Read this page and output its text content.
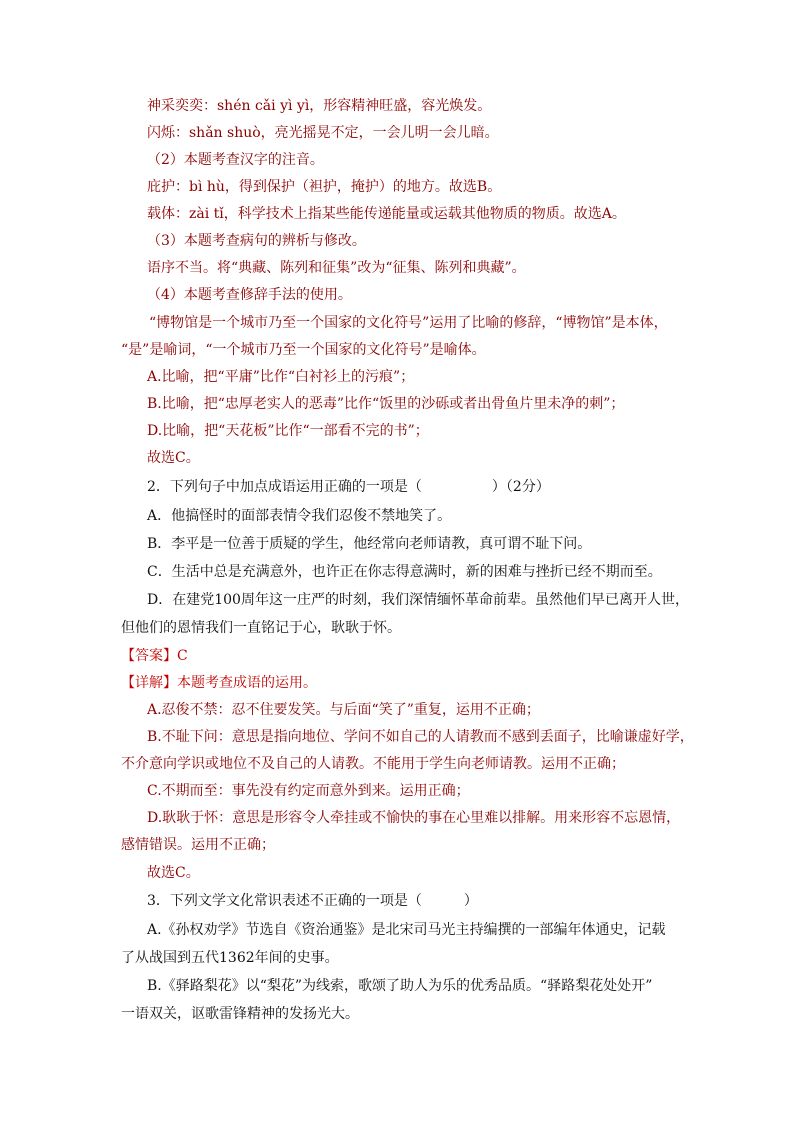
神采奕奕：shén cǎi yì yì，形容精神旺盛，容光焕发。
闪烁：shǎn shuò，亮光摇晃不定，一会儿明一会儿暗。
（2）本题考查汉字的注音。
庇护：bì hù，得到保护（袒护，掩护）的地方。故选B。
载体：zài tǐ，科学技术上指某些能传递能量或运载其他物质的物质。故选A。
（3）本题考查病句的辨析与修改。
语序不当。将“典藏、陈列和征集”改为“征集、陈列和典藏”。
（4）本题考查修辞手法的使用。
“博物馆是一个城市乃至一个国家的文化符号”运用了比喻的修辞，“博物馆”是本体，
“是”是喻词，“一个城市乃至一个国家的文化符号”是喻体。
A.比喻，把“平庸”比作“白衬衫上的污痕”；
B.比喻，把“忠厚老实人的恶毒”比作“饭里的沙砾或者出骨鱼片里未净的刺”；
D.比喻，把“天花板”比作“一部看不完的书”；
故选C。
2．下列句子中加点成语运用正确的一项是（　　　　　）（2分）
A．他搞怪时的面部表情令我们忍俊不禁地笑了。
B．李平是一位善于质疑的学生，他经常向老师请教，真可谓不耻下问。
C．生活中总是充满意外，也许正在你志得意满时，新的困难与挫折已经不期而至。
D．在建党100周年这一庄严的时刻，我们深情缅怀革命前辈。虽然他们早已离开人世，
但他们的恩情我们一直铭记于心，耿耿于怀。
【答案】C
【详解】本题考查成语的运用。
A.忍俊不禁：忍不住要发笑。与后面“笑了”重复，运用不正确；
B.不耻下问：意思是指向地位、学问不如自己的人请教而不感到丢面子，比喻谦虚好学，
不介意向学识或地位不及自己的人请教。不能用于学生向老师请教。运用不正确；
C.不期而至：事先没有约定而意外到来。运用正确；
D.耿耿于怀：意思是形容令人牵挂或不愉快的事在心里难以排解。用来形容不忘恩情，
感情错误。运用不正确；
故选C。
3．下列文学文化常识表述不正确的一项是（　　　）
A.《孙权劝学》节选自《资治通鉴》是北宋司马光主持编撰的一部编年体通史，记载
了从战国到五代1362年间的史事。
B.《驿路梨花》以“梨花”为线索，歌颂了助人为乐的优秀品质。“驿路梨花处处开”
一语双关，讴歌雷锋精神的发扬光大。
